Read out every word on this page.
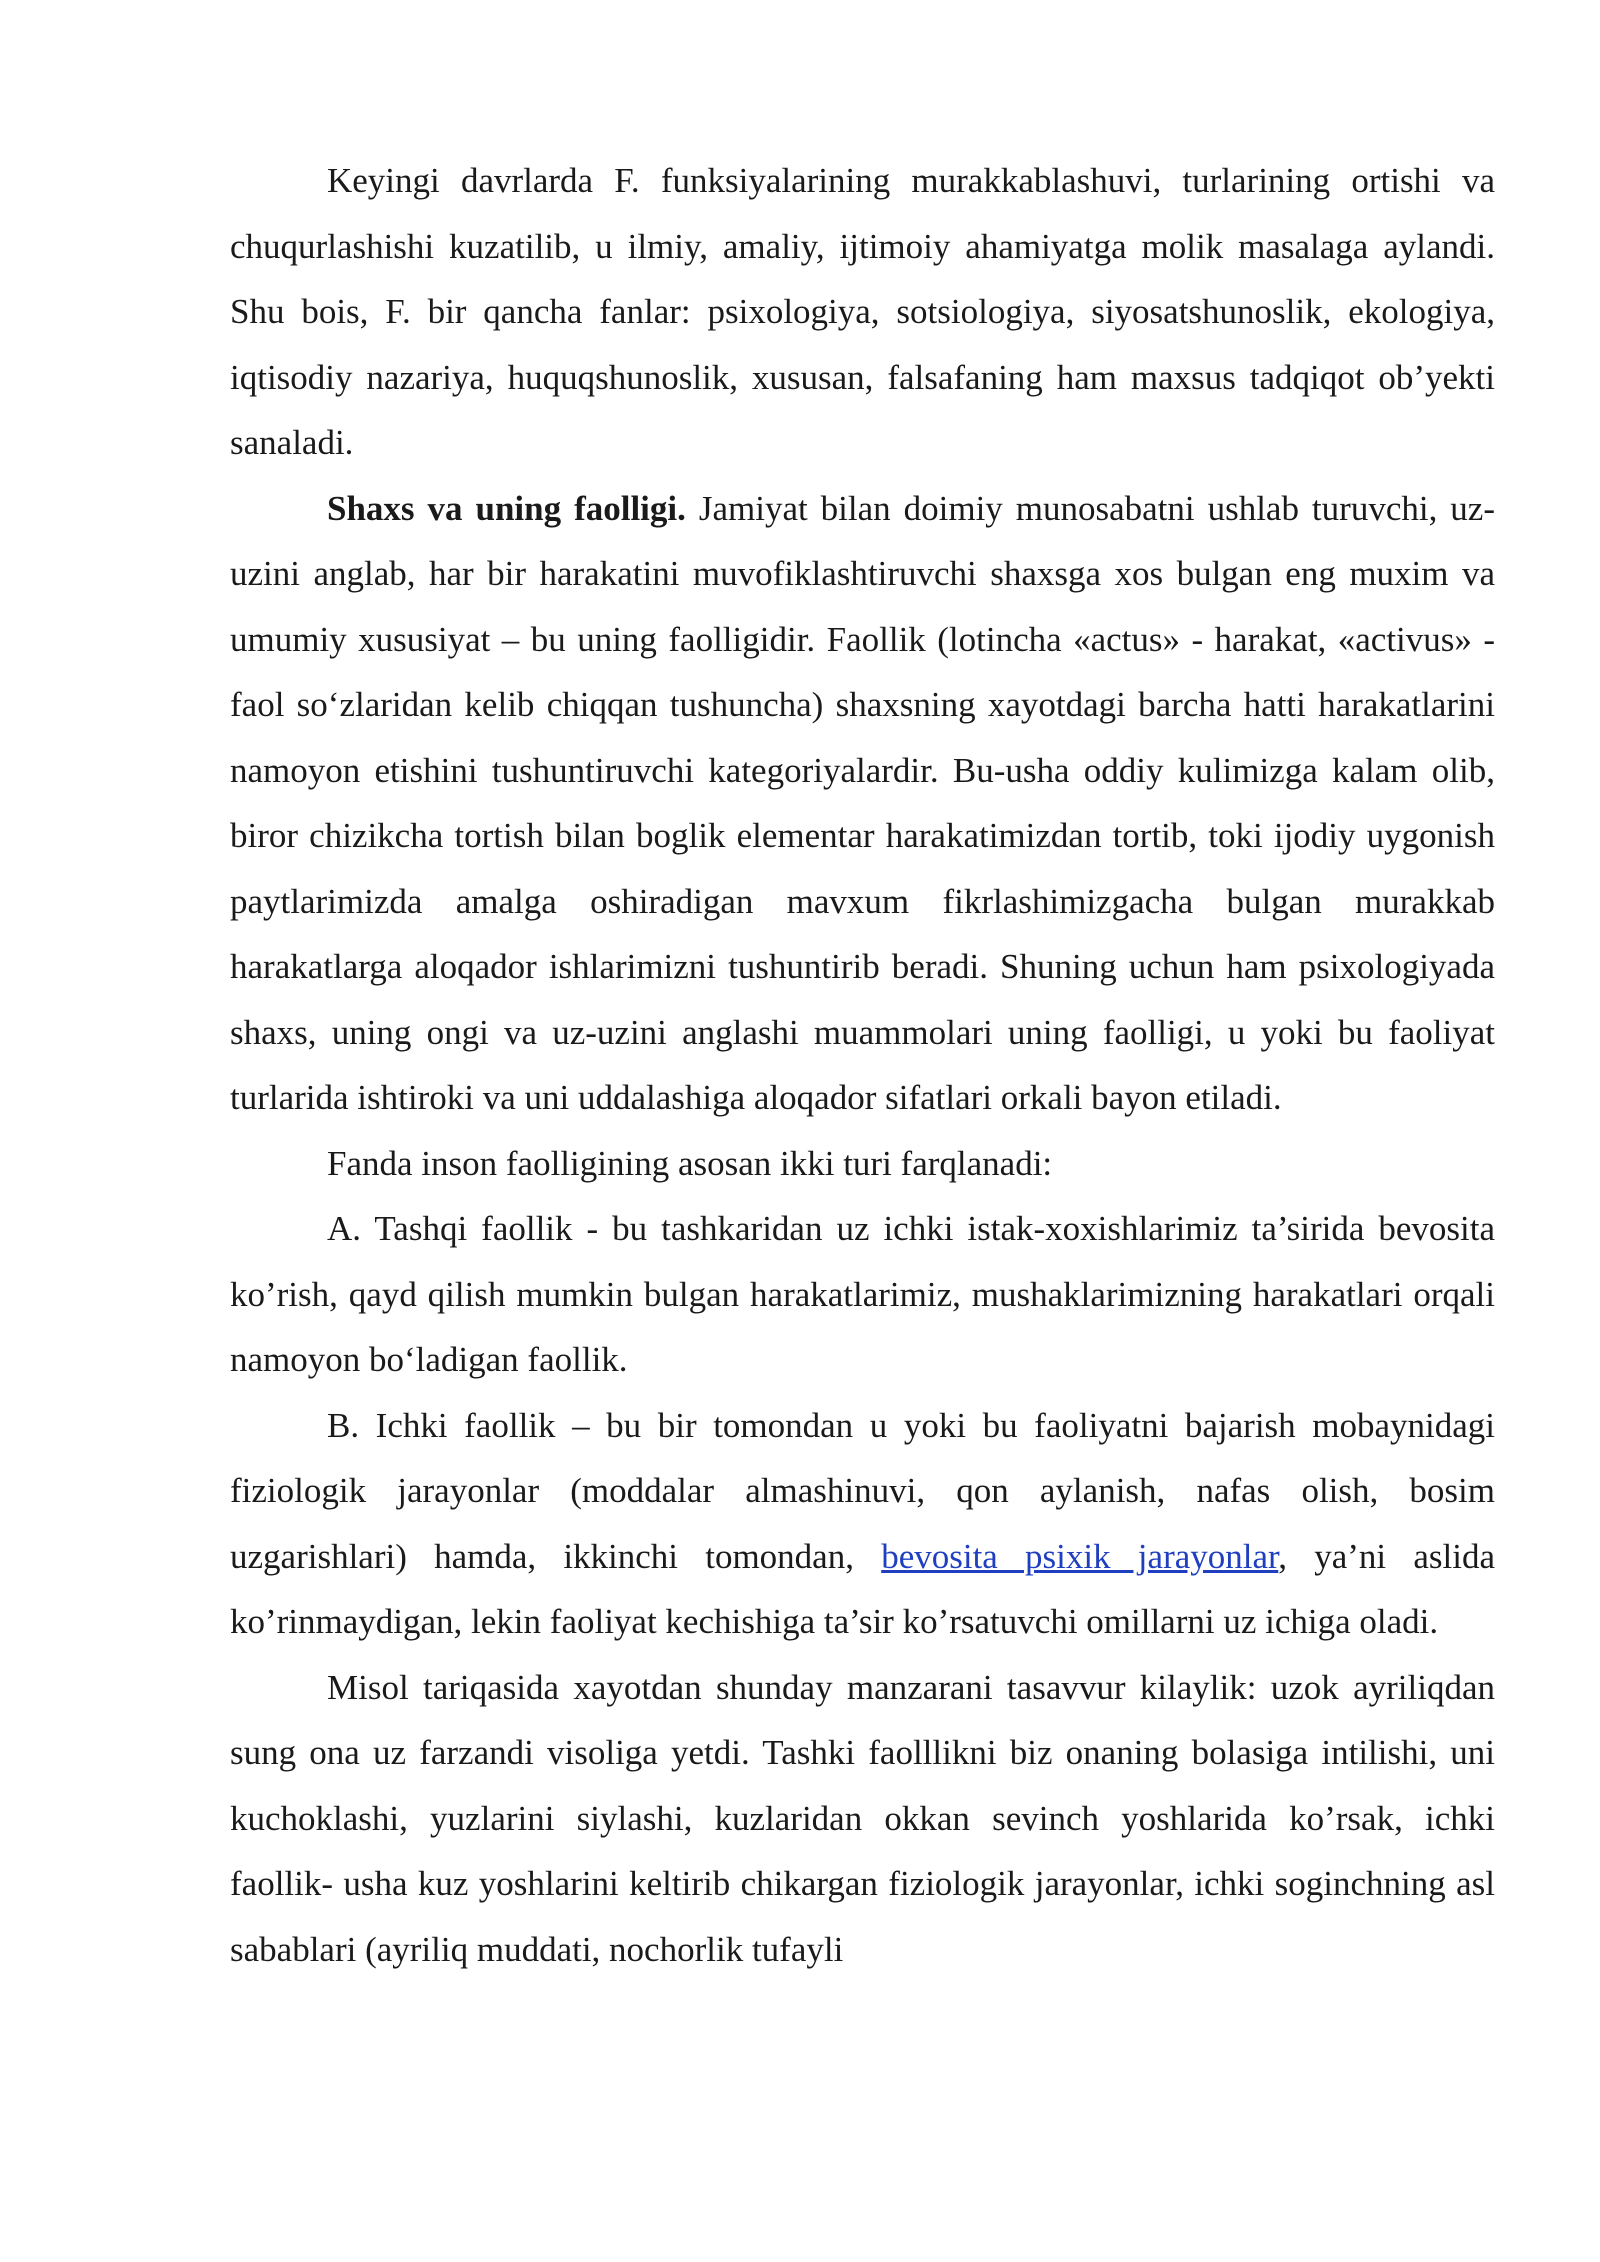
Keyingi davrlarda F. funksiyalarining murakkablashuvi, turlarining ortishi va chuqurlashishi kuzatilib, u ilmiy, amaliy, ijtimoiy ahamiyatga molik masalaga aylandi. Shu bois, F. bir qancha fanlar: psixologiya, sotsiologiya, siyosatshunoslik, ekologiya, iqtisodiy nazariya, huquqshunoslik, xususan, falsafaning ham maxsus tadqiqot ob’yekti sanaladi.

Shaxs va uning faolligi. Jamiyat bilan doimiy munosabatni ushlab turuvchi, uz-uzini anglab, har bir harakatini muvofiklashtiruvchi shaxsga xos bulgan eng muxim va umumiy xususiyat – bu uning faolligidir. Faollik (lotincha «actus» - harakat, «activus» - faol so‘zlaridan kelib chiqqan tushuncha) shaxsning xayotdagi barcha hatti harakatlarini namoyon etishini tushuntiruvchi kategoriyalardir. Bu-usha oddiy kulimizga kalam olib, biror chizikcha tortish bilan boglik elementar harakatimizdan tortib, toki ijodiy uygonish paytlarimizda amalga oshiradigan mavxum fikrlashimizgacha bulgan murakkab harakatlarga aloqador ishlarimizni tushuntirib beradi. Shuning uchun ham psixologiyada shaxs, uning ongi va uz-uzini anglashi muammolari uning faolligi, u yoki bu faoliyat turlarida ishtiroki va uni uddalashiga aloqador sifatlari orkali bayon etiladi.

Fanda inson faolligining asosan ikki turi farqlanadi:

A. Tashqi faollik - bu tashkaridan uz ichki istak-xoxishlarimiz ta’sirida bevosita ko’rish, qayd qilish mumkin bulgan harakatlarimiz, mushaklarimizning harakatlari orqali namoyon bo‘ladigan faollik.

B. Ichki faollik – bu bir tomondan u yoki bu faoliyatni bajarish mobaynidagi fiziologik jarayonlar (moddalar almashinuvi, qon aylanish, nafas olish, bosim uzgarishlari) hamda, ikkinchi tomondan, bevosita psixik jarayonlar, ya’ni aslida ko’rinmaydigan, lekin faoliyat kechishiga ta’sir ko’rsatuvchi omillarni uz ichiga oladi.

Misol tariqasida xayotdan shunday manzarani tasavvur kilaylik: uzok ayriliqdan sung ona uz farzandi visoliga yetdi. Tashki faolllikni biz onaning bolasiga intilishi, uni kuchoklashi, yuzlarini siylashi, kuzlaridan okkan sevinch yoshlarida ko’rsak, ichki faollik- usha kuz yoshlarini keltirib chikargan fiziologik jarayonlar, ichki soginchning asl sabablari (ayriliq muddati, nochorlik tufayli
